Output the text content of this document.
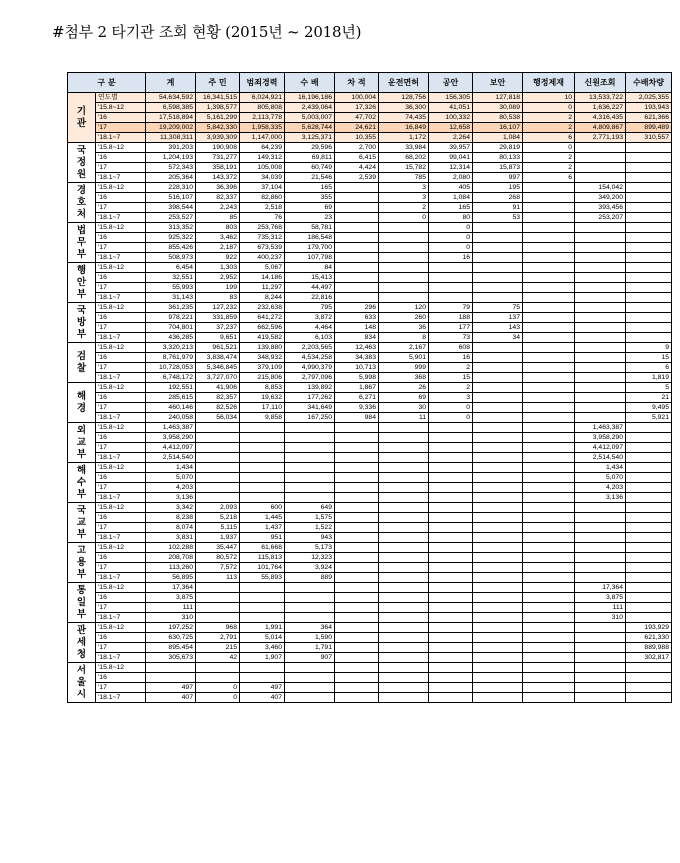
#첨부 2 타기관 조회 현황 (2015년 ~ 2018년)
구 분		계	주 민	범죄경력	수 배	차 적	운전면허	공안	보안	행정제재	신원조회	수배차량
기
관	연도별	54,634,592	16,341,515	6,024,921	16,196,186	100,004	128,756	156,305	127,818	10	13,533,722	2,025,355
	'15.8~12	6,598,385	1,398,577	805,808	2,439,064	17,326	36,300	41,051	30,089	0	1,636,227	193,943
	'16	17,518,894	5,161,299	2,113,778	5,003,007	47,702	74,435	100,332	80,538	2	4,316,435	621,366
	'17	19,209,002	5,842,330	1,958,335	5,628,744	24,621	16,849	12,658	16,107	2	4,809,867	899,489
	'18.1~7	11,308,311	3,939,309	1,147,000	3,125,371	10,355	1,172	2,264	1,084	6	2,771,193	310,557
국
정
원	'15.8~12	391,203	190,908	64,239	29,596	2,700	33,984	39,957	29,819	0		
	'16	1,204,193	731,277	149,312	69,811	6,415	68,202	99,041	80,133	2		
	'17	572,343	358,191	105,008	60,749	4,424	15,782	12,314	15,873	2		
	'18.1~7	205,364	143,372	34,039	21,546	2,539	785	2,080	997	6		
경
호
처	'15.8~12	228,310	36,396	37,104	165		3	405	195		154,042	
	'16	516,107	82,337	82,860	355		3	1,084	268		349,200	
	'17	398,544	2,243	2,518	69		2	165	91		393,456	
	'18.1~7	253,527	85	76	23		0	80	53		253,207	
법
무
부	'15.8~12	313,352	803	253,768	58,781			0				
	'16	925,322	3,462	735,312	186,548			0				
	'17	855,426	2,187	673,539	179,700			0				
	'18.1~7	508,973	922	400,237	107,798			16				
행
안
부	'15.8~12	6,454	1,303	5,067	84							
	'16	32,551	2,952	14,186	15,413							
	'17	55,993	199	11,297	44,497							
	'18.1~7	31,143	83	8,244	22,816							
국
방
부	'15.8~12	361,235	127,232	232,638	795	296	120	79	75			
	'16	978,221	331,859	641,272	3,872	633	260	188	137			
	'17	704,801	37,237	662,596	4,464	148	36	177	143			
	'18.1~7	436,285	9,651	419,582	6,103	834	8	73	34			
검
찰	'15.8~12	3,320,213	961,521	139,880	2,203,565	12,463	2,167	608				9
	'16	8,761,979	3,838,474	348,932	4,534,258	34,383	5,901	16				15
	'17	10,728,053	5,346,845	379,109	4,990,379	10,713	999	2				6
	'18.1~7	6,748,172	3,727,070	215,806	2,797,096	5,998	368	15				1,819
해
경	'15.8~12	192,551	41,906	8,853	139,892	1,867	26	2				5
	'16	285,615	82,357	19,632	177,262	6,271	69	3				21
	'17	460,146	82,526	17,110	341,649	9,336	30	0				9,495
	'18.1~7	240,058	56,034	9,858	167,250	984	11	0				5,921
외
교
부	'15.8~12	1,463,387									1,463,387	
	'16	3,958,290									3,958,290	
	'17	4,412,097									4,412,097	
	'18.1~7	2,514,540									2,514,540	
해
수
부	'15.8~12	1,434									1,434	
	'16	5,070									5,070	
	'17	4,203									4,203	
	'18.1~7	3,136									3,136	
국
교
부	'15.8~12	3,342	2,093	600	649							
	'16	8,238	5,218	1,445	1,575							
	'17	8,074	5,115	1,437	1,522							
	'18.1~7	3,831	1,937	951	943							
고
용
부	'15.8~12	102,288	35,447	61,668	5,173							
	'16	208,708	80,572	115,813	12,323							
	'17	113,260	7,572	101,764	3,924							
	'18.1~7	56,895	113	55,893	889							
통
일
부	'15.8~12	17,364									17,364	
	'16	3,875									3,875	
	'17	111									111	
	'18.1~7	310									310	
관
세
청	'15.8~12	197,252	968	1,991	364							193,929
	'16	630,725	2,791	5,014	1,590							621,330
	'17	895,454	215	3,460	1,791							889,988
	'18.1~7	305,673	42	1,907	907							302,817
서
울
시	'15.8~12											
	'16											
	'17	497	0	497								
	'18.1~7	407	0	407								
